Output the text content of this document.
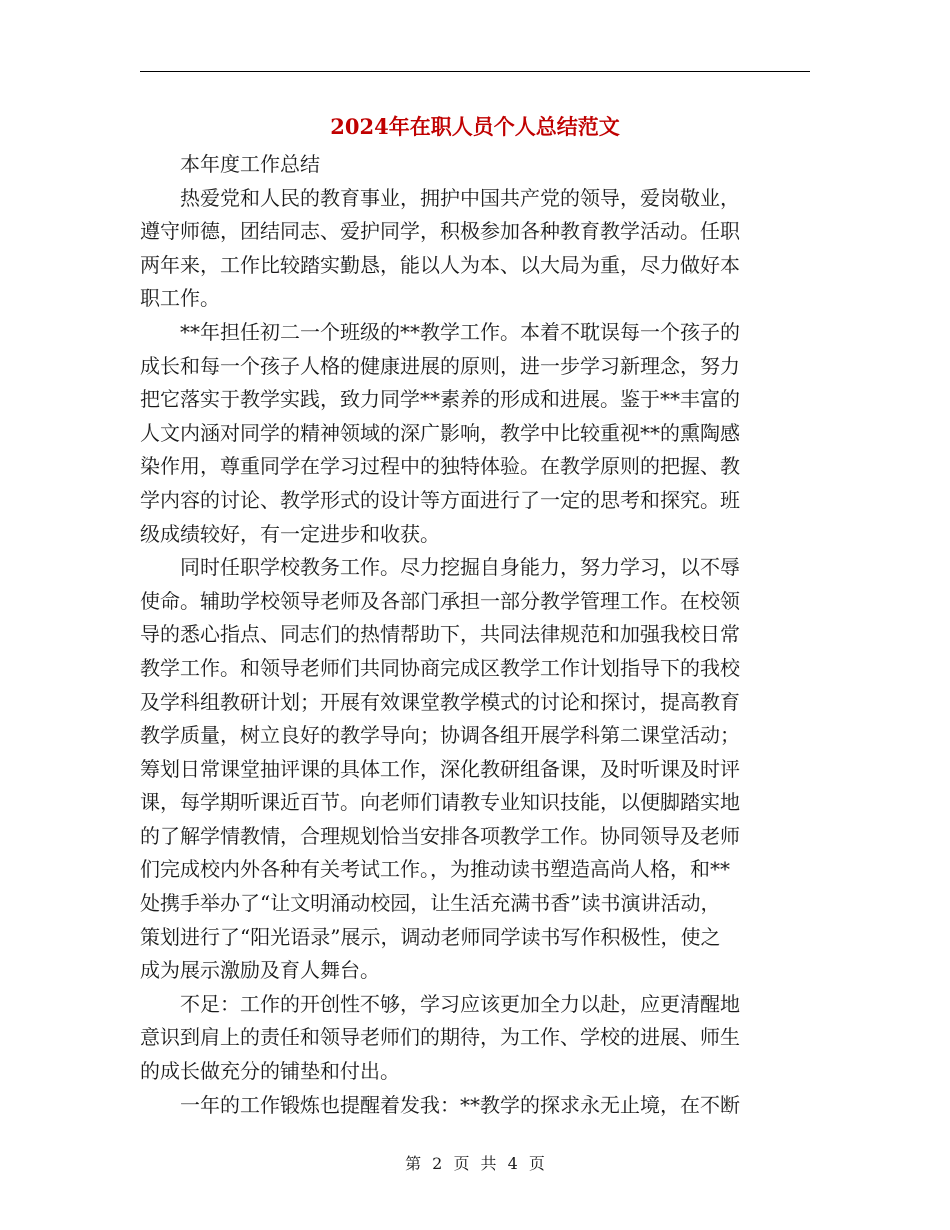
2024年在职人员个人总结范文
本年度工作总结
热爱党和人民的教育事业，拥护中国共产党的领导，爱岗敬业，
遵守师德，团结同志、爱护同学，积极参加各种教育教学活动。任职
两年来，工作比较踏实勤恳，能以人为本、以大局为重，尽力做好本
职工作。
**年担任初二一个班级的**教学工作。本着不耽误每一个孩子的
成长和每一个孩子人格的健康进展的原则，进一步学习新理念，努力
把它落实于教学实践，致力同学**素养的形成和进展。鉴于**丰富的
人文内涵对同学的精神领域的深广影响，教学中比较重视**的熏陶感
染作用，尊重同学在学习过程中的独特体验。在教学原则的把握、教
学内容的讨论、教学形式的设计等方面进行了一定的思考和探究。班
级成绩较好，有一定进步和收获。
同时任职学校教务工作。尽力挖掘自身能力，努力学习，以不辱
使命。辅助学校领导老师及各部门承担一部分教学管理工作。在校领
导的悉心指点、同志们的热情帮助下，共同法律规范和加强我校日常
教学工作。和领导老师们共同协商完成区教学工作计划指导下的我校
及学科组教研计划；开展有效课堂教学模式的讨论和探讨，提高教育
教学质量，树立良好的教学导向；协调各组开展学科第二课堂活动；
筹划日常课堂抽评课的具体工作，深化教研组备课，及时听课及时评
课，每学期听课近百节。向老师们请教专业知识技能，以便脚踏实地
的了解学情教情，合理规划恰当安排各项教学工作。协同领导及老师
们完成校内外各种有关考试工作。，为推动读书塑造高尚人格，和**
处携手举办了“让文明涌动校园，让生活充满书香”读书演讲活动，
策划进行了“阳光语录”展示，调动老师同学读书写作积极性，使之
成为展示激励及育人舞台。
不足：工作的开创性不够，学习应该更加全力以赴，应更清醒地
意识到肩上的责任和领导老师们的期待，为工作、学校的进展、师生
的成长做充分的铺垫和付出。
一年的工作锻炼也提醒着发我：**教学的探求永无止境，在不断
第 2 页 共 4 页
